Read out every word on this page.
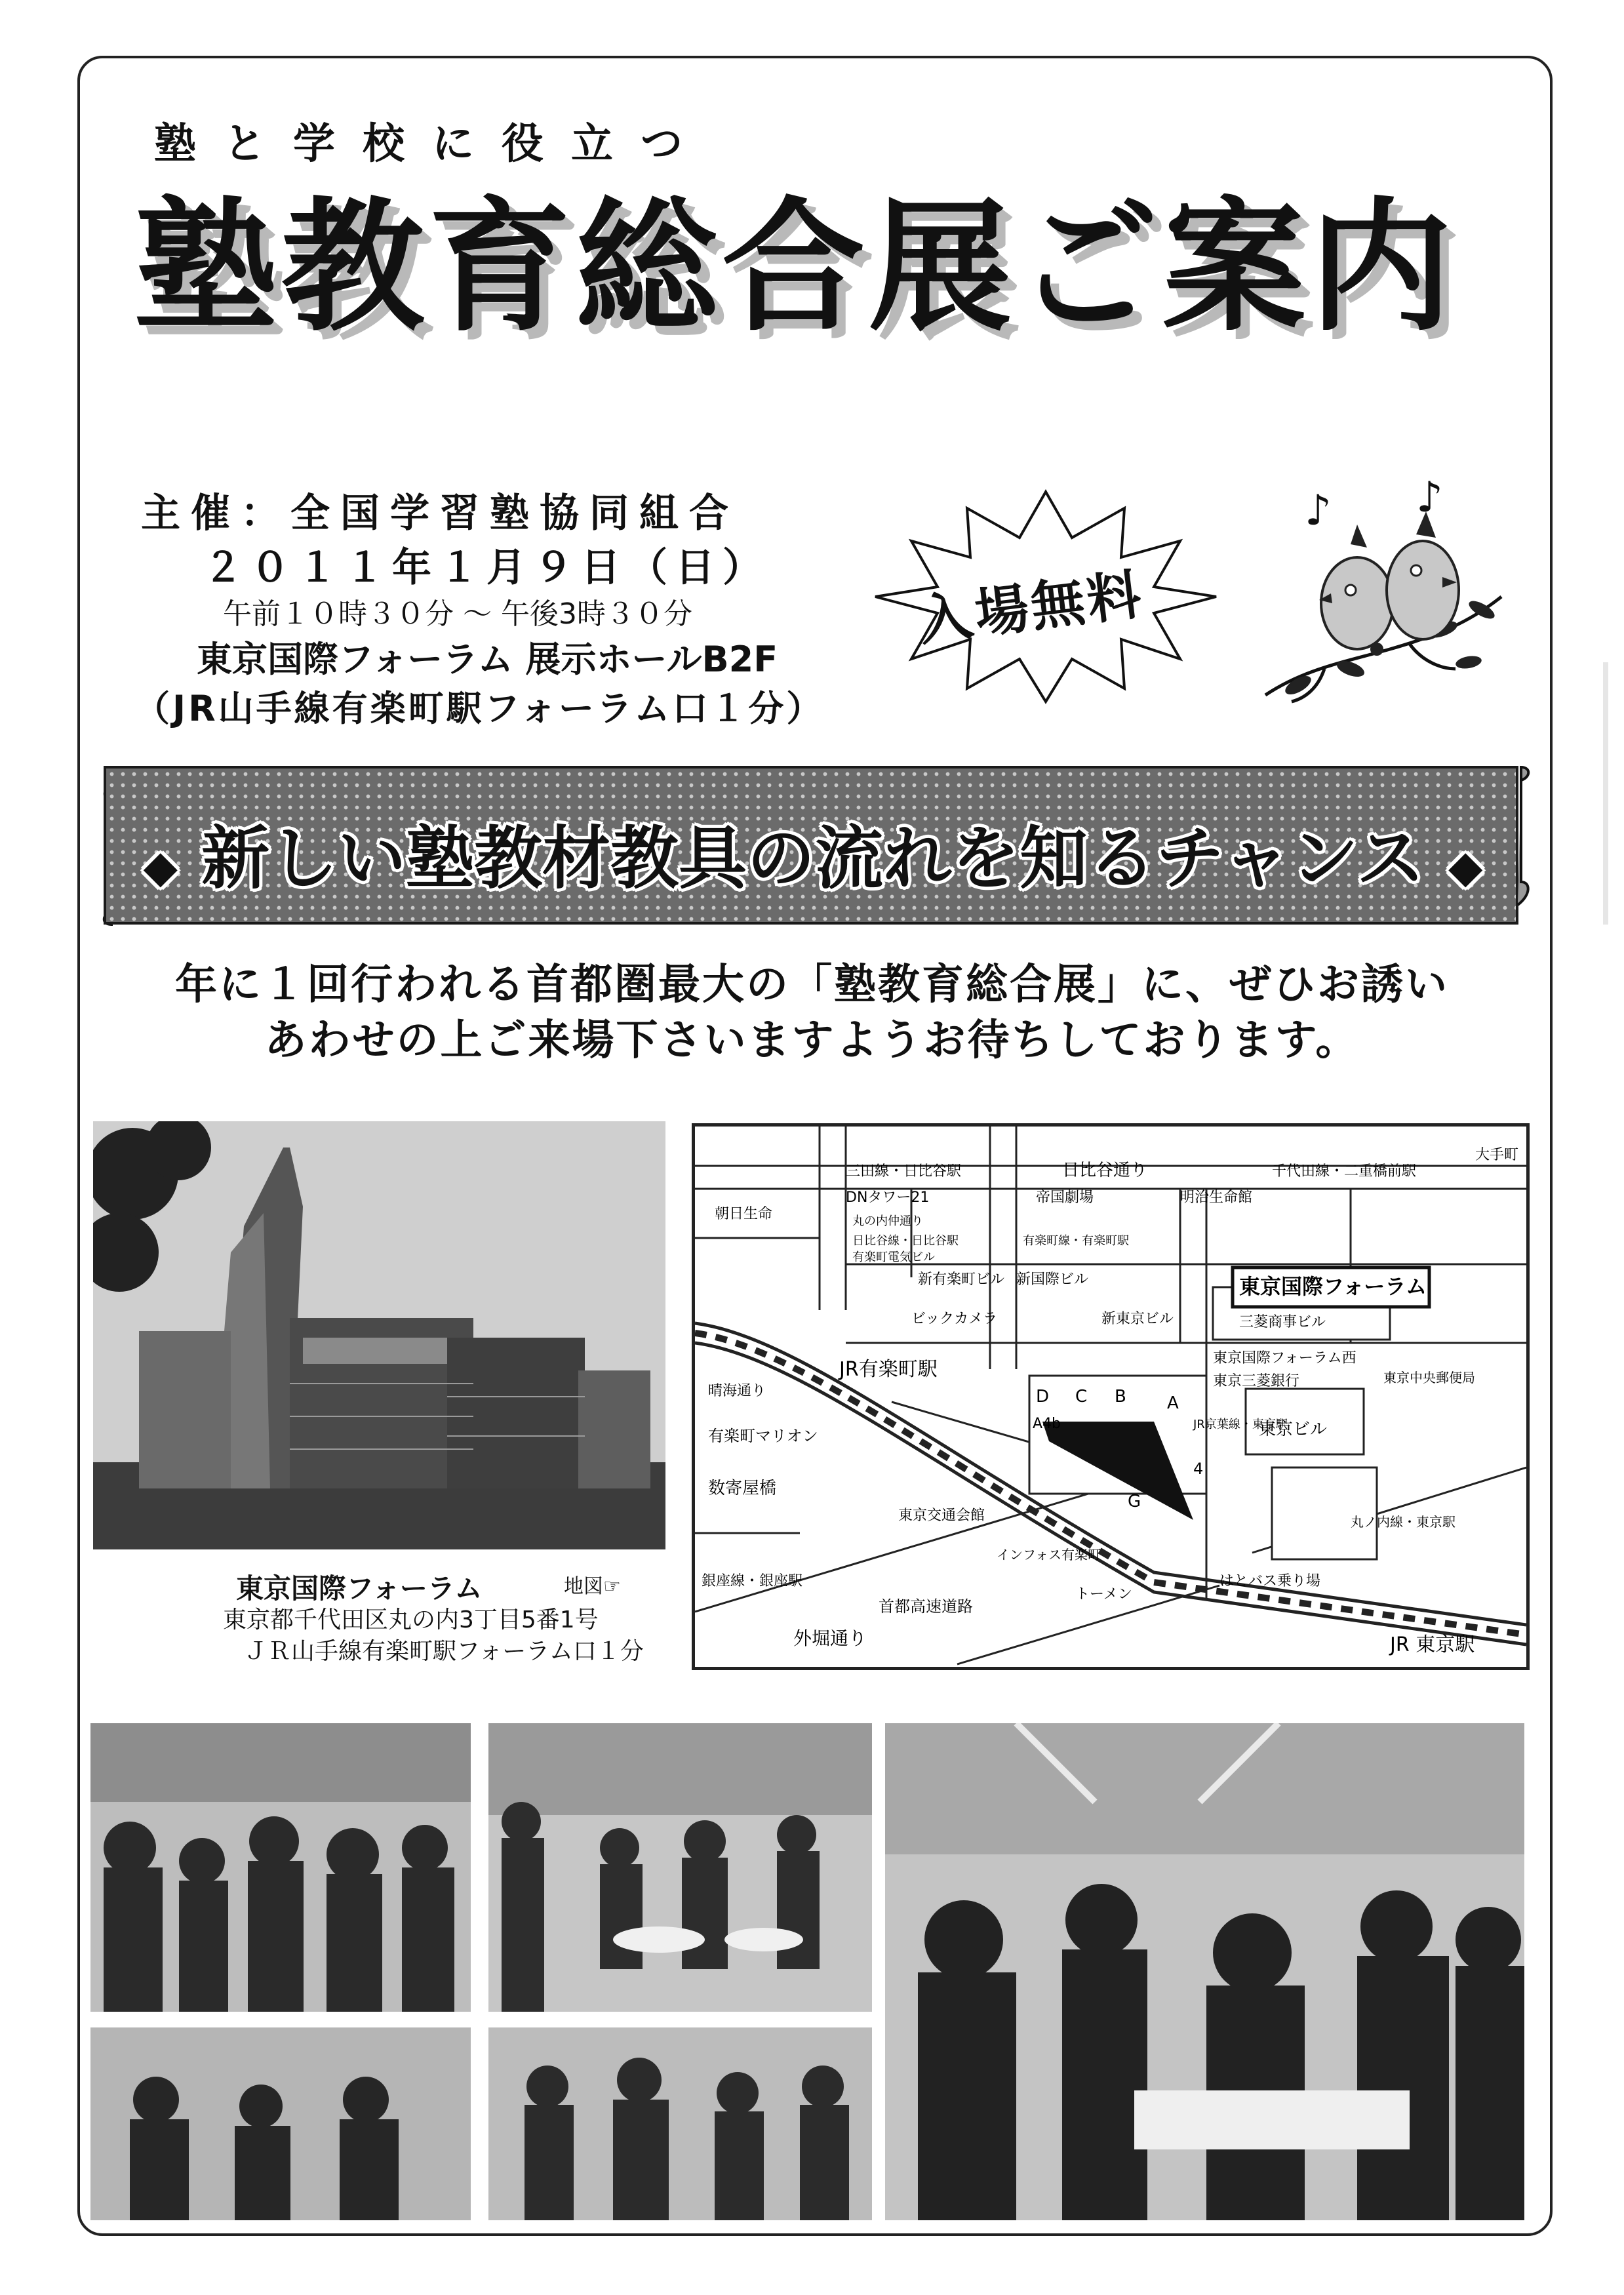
塾と学校に役立つ
塾教育総合展ご案内
主催：全国学習塾協同組合
２０１１年１月９日（日）
午前１０時３０分 ～ 午後3時３０分
東京国際フォーラム 展示ホールB2F
（JR山手線有楽町駅フォーラム口１分）
入場無料
♪ ♪
◆ 新しい塾教材教具の流れを知るチャンス ◆
年に１回行われる首都圏最大の「塾教育総合展」に、ぜひお誘い
あわせの上ご来場下さいますようお待ちしております。
東京国際フォーラム	地図☞
東京都千代田区丸の内3丁目5番1号
ＪＲ山手線有楽町駅フォーラム口１分
日比谷通り
三田線・日比谷駅	千代田線・二重橋前駅
大手町
明治生命館
DNタワー21	帝国劇場
朝日生命	丸の内仲通り
日比谷線・日比谷駅
有楽町電気ビル
新有楽町ビル 新国際ビル
有楽町線・有楽町駅
新東京ビル
東京国際フォーラム
三菱商事ビル
JR有楽町駅
ビックカメラ
東京国際フォーラム西
東京三菱銀行	東京中央郵便局
東京ビル
有楽町マリオン
数寄屋橋
晴海通り
東京交通会館
インフォス有楽町
はとバス乗り場
トーメン
銀座線・銀座駅
外堀通り
首都高速道路
JR 東京駅
丸ノ内線・東京駅
JR京葉線・東京駅
D C B A
G
A4b
4
